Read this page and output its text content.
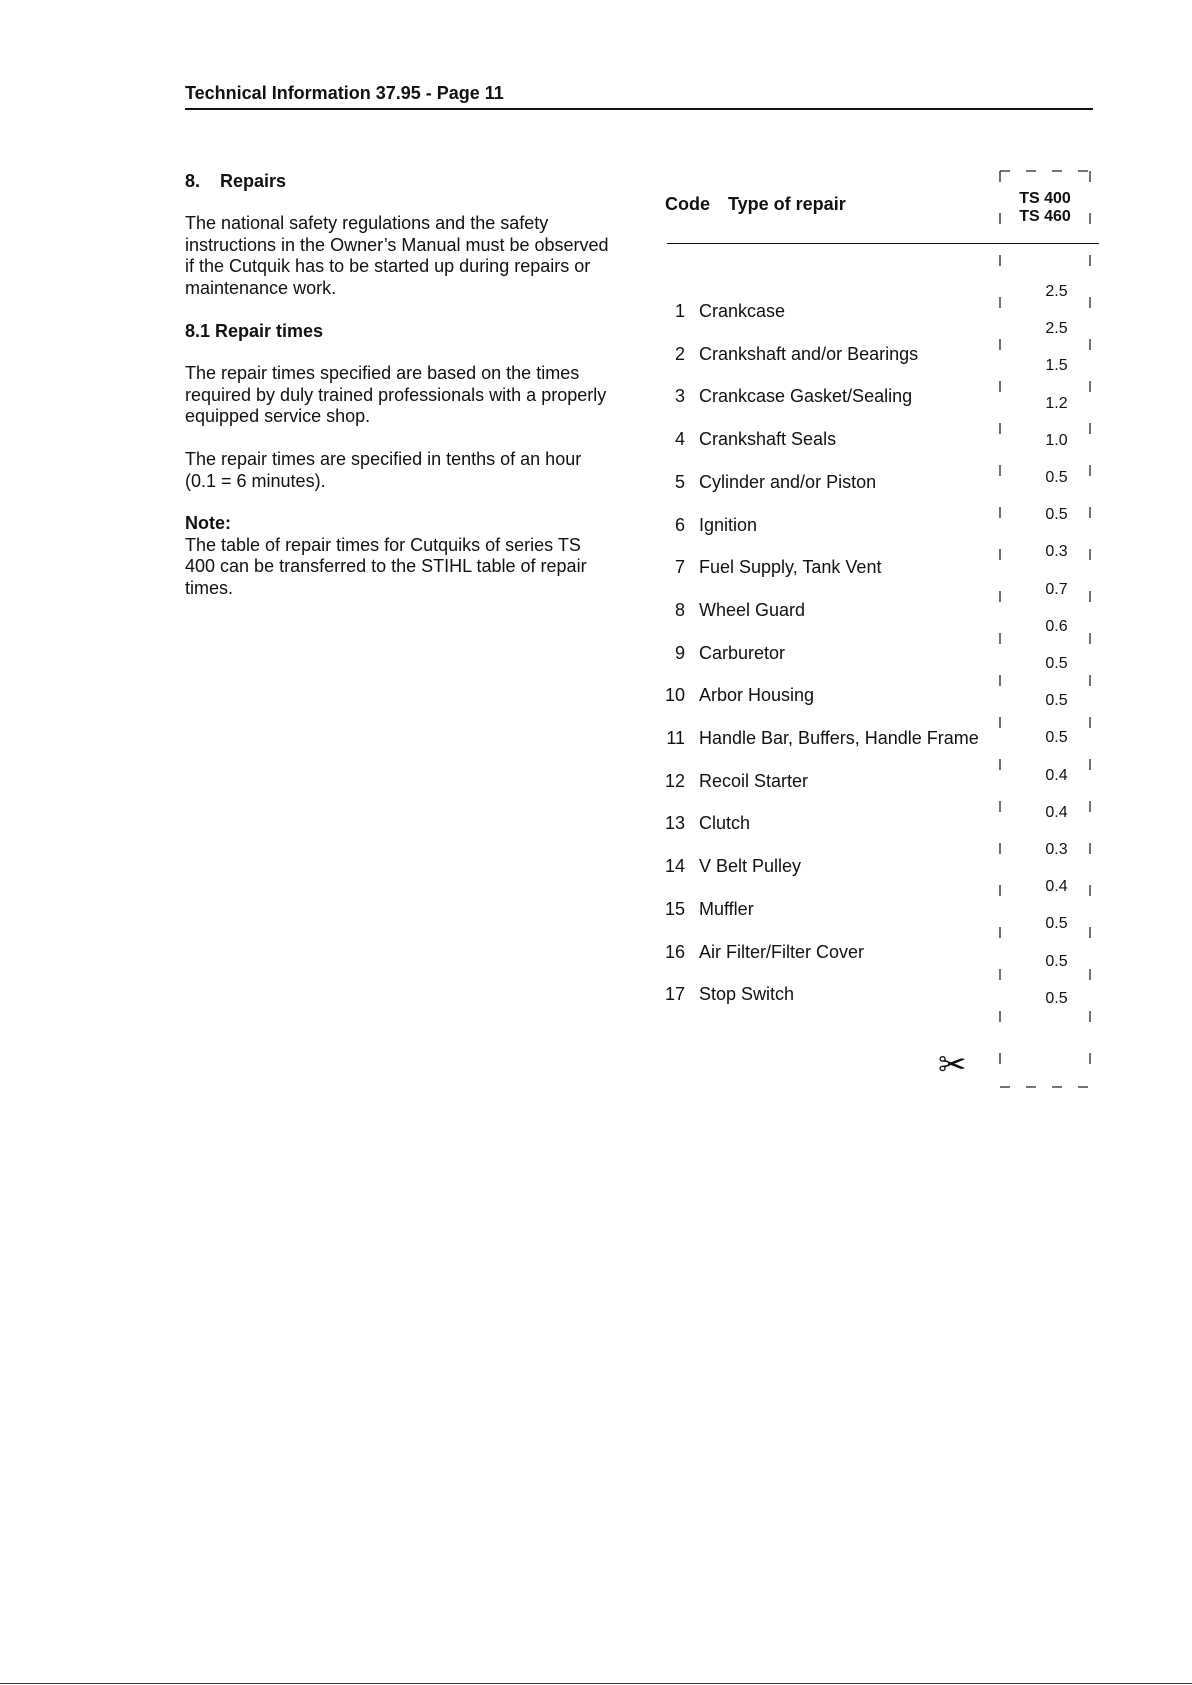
Technical Information 37.95 - Page 11
8. Repairs

The national safety regulations and the safety instructions in the Owner’s Manual must be observed if the Cutquik has to be started up during repairs or maintenance work.

8.1 Repair times

The repair times specified are based on the times required by duly trained professionals with a properly equipped service shop.

The repair times are specified in tenths of an hour (0.1 = 6 minutes).

Note:
The table of repair times for Cutquiks of series TS 400 can be transferred to the STIHL table of repair times.
Code Type of repair	TS 400
TS 460
1 Crankcase
2 Crankshaft and/or Bearings
3 Crankcase Gasket/Sealing
4 Crankshaft Seals
5 Cylinder and/or Piston
6 Ignition
7 Fuel Supply, Tank Vent
8 Wheel Guard
9 Carburetor
10 Arbor Housing
11 Handle Bar, Buffers, Handle Frame
12 Recoil Starter
13 Clutch
14 V Belt Pulley
15 Muffler
16 Air Filter/Filter Cover
17 Stop Switch
2.5
2.5
1.5
1.2
1.0
0.5
0.5
0.3
0.7
0.6
0.5
0.5
0.5
0.4
0.4
0.3
0.4
0.5
0.5
0.5
✂
